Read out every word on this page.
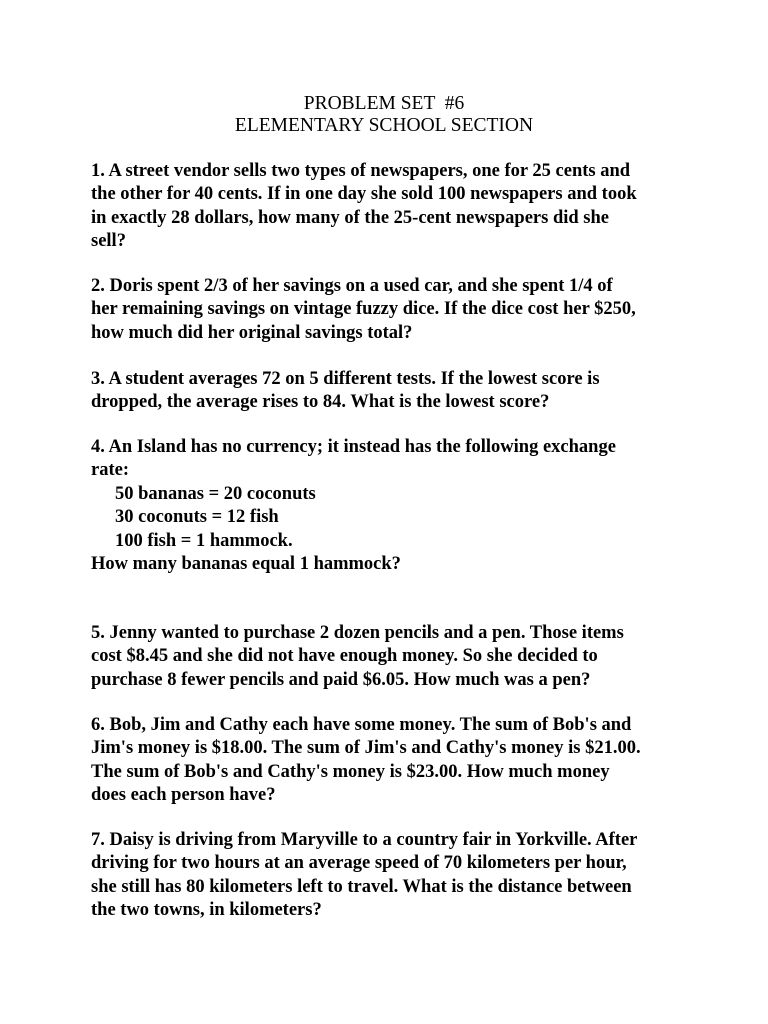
PROBLEM SET  #6
ELEMENTARY SCHOOL SECTION
1. A street vendor sells two types of newspapers, one for 25 cents and
the other for 40 cents. If in one day she sold 100 newspapers and took
in exactly 28 dollars, how many of the 25-cent newspapers did she
sell?
2. Doris spent 2/3 of her savings on a used car, and she spent 1/4 of
her remaining savings on vintage fuzzy dice. If the dice cost her $250,
how much did her original savings total?
3. A student averages 72 on 5 different tests. If the lowest score is
dropped, the average rises to 84. What is the lowest score?
4. An Island has no currency; it instead has the following exchange
rate:
50 bananas = 20 coconuts
30 coconuts = 12 fish
100 fish = 1 hammock.
How many bananas equal 1 hammock?
5. Jenny wanted to purchase 2 dozen pencils and a pen. Those items
cost $8.45 and she did not have enough money. So she decided to
purchase 8 fewer pencils and paid $6.05. How much was a pen?
6. Bob, Jim and Cathy each have some money. The sum of Bob's and
Jim's money is $18.00. The sum of Jim's and Cathy's money is $21.00.
The sum of Bob's and Cathy's money is $23.00. How much money
does each person have?
7. Daisy is driving from Maryville to a country fair in Yorkville. After
driving for two hours at an average speed of 70 kilometers per hour,
she still has 80 kilometers left to travel. What is the distance between
the two towns, in kilometers?
